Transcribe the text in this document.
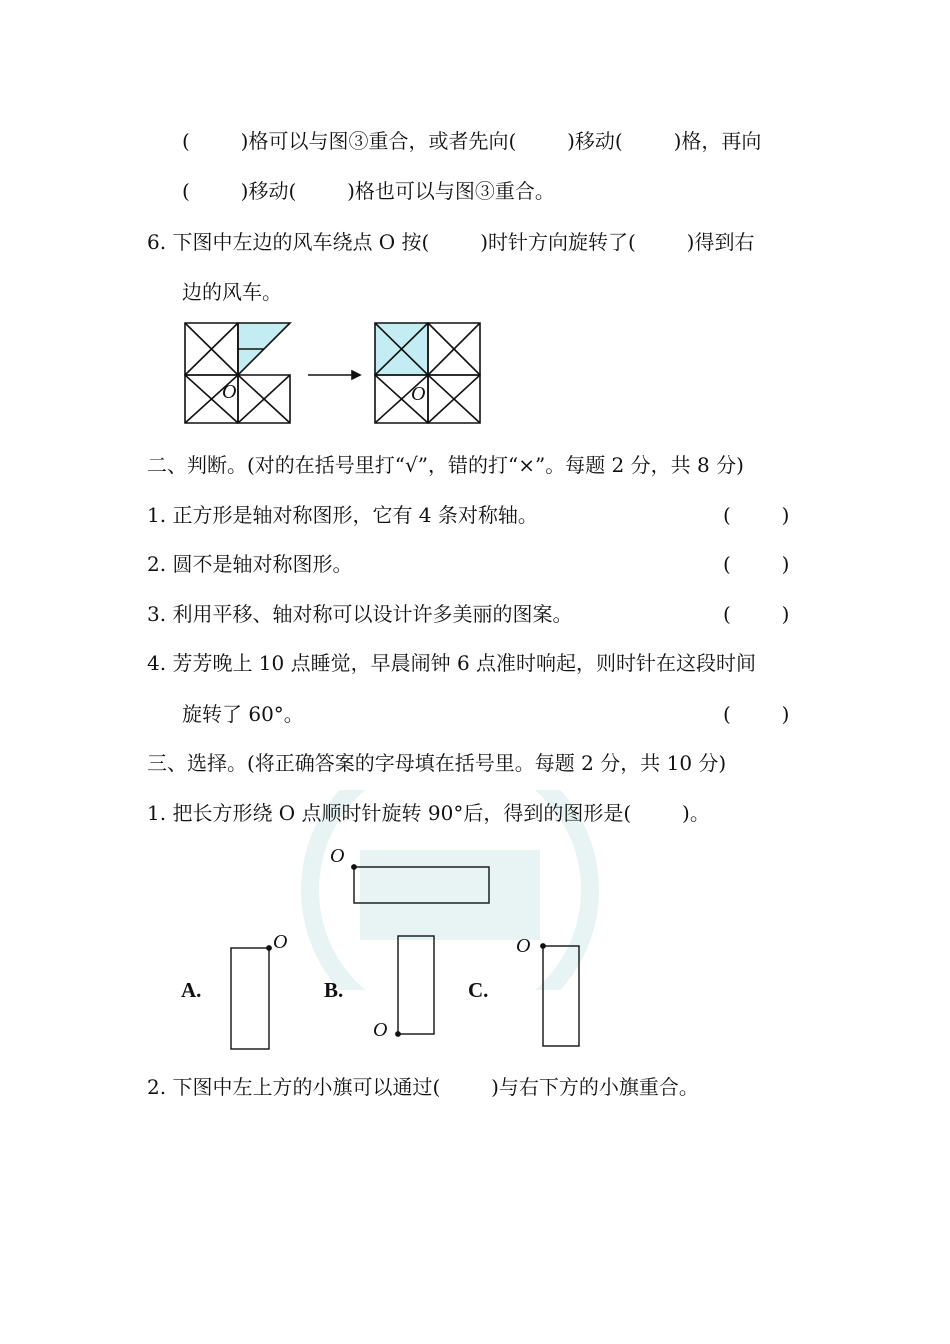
(        )格可以与图③重合，或者先向(        )移动(        )格，再向
(        )移动(        )格也可以与图③重合。
6. 下图中左边的风车绕点 O 按(        )时针方向旋转了(        )得到右
边的风车。
O	O
二、判断。(对的在括号里打“√”，错的打“×”。每题 2 分，共 8 分)
1. 正方形是轴对称图形，它有 4 条对称轴。	(        )
2. 圆不是轴对称图形。	(        )
3. 利用平移、轴对称可以设计许多美丽的图案。	(        )
4. 芳芳晚上 10 点睡觉，早晨闹钟 6 点准时响起，则时针在这段时间
旋转了 60°。	(        )
三、选择。(将正确答案的字母填在括号里。每题 2 分，共 10 分)
1. 把长方形绕 O 点顺时针旋转 90°后，得到的图形是(        )。
O
O
O
O
A.	B.	C.
2. 下图中左上方的小旗可以通过(        )与右下方的小旗重合。
